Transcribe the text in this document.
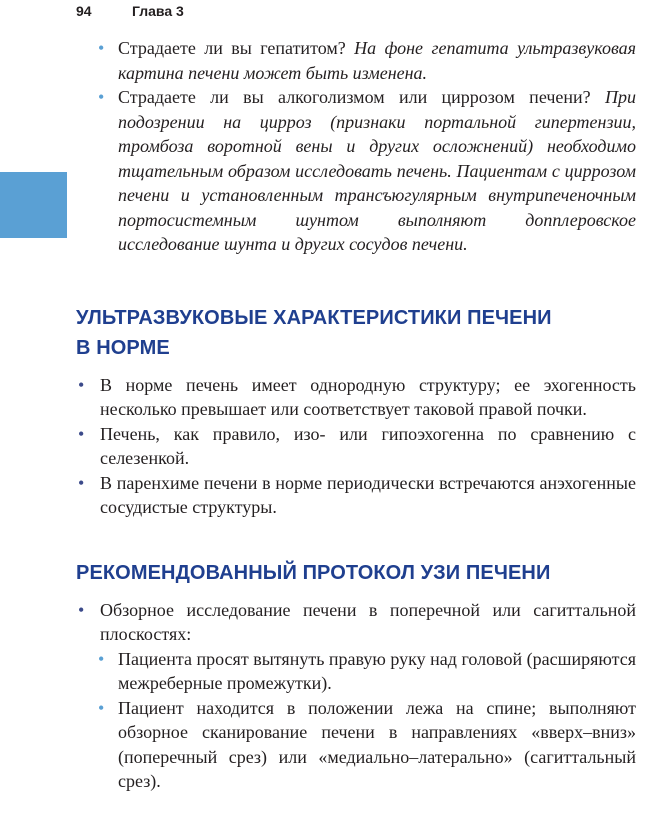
94	Глава 3
• Страдаете ли вы гепатитом? На фоне гепатита ультразвуковая картина печени может быть изменена.
• Страдаете ли вы алкоголизмом или циррозом печени? При подозрении на цирроз (признаки портальной гипертензии, тромбоза воротной вены и других осложнений) необходимо тщательным образом исследовать печень. Пациентам с циррозом печени и установленным трансъюгулярным внутрипеченочным портосистемным шунтом выполняют допплеровское исследование шунта и других сосудов печени.
УЛЬТРАЗВУКОВЫЕ ХАРАКТЕРИСТИКИ ПЕЧЕНИ
В НОРМЕ
• В норме печень имеет однородную структуру; ее эхогенность несколько превышает или соответствует таковой правой почки.
• Печень, как правило, изо- или гипоэхогенна по сравнению с селезенкой.
• В паренхиме печени в норме периодически встречаются анэхогенные сосудистые структуры.
РЕКОМЕНДОВАННЫЙ ПРОТОКОЛ УЗИ ПЕЧЕНИ
• Обзорное исследование печени в поперечной или сагиттальной плоскостях:
• Пациента просят вытянуть правую руку над головой (расширяются межреберные промежутки).
• Пациент находится в положении лежа на спине; выполняют обзорное сканирование печени в направлениях «вверх–вниз» (поперечный срез) или «медиально–латерально» (сагиттальный срез).
